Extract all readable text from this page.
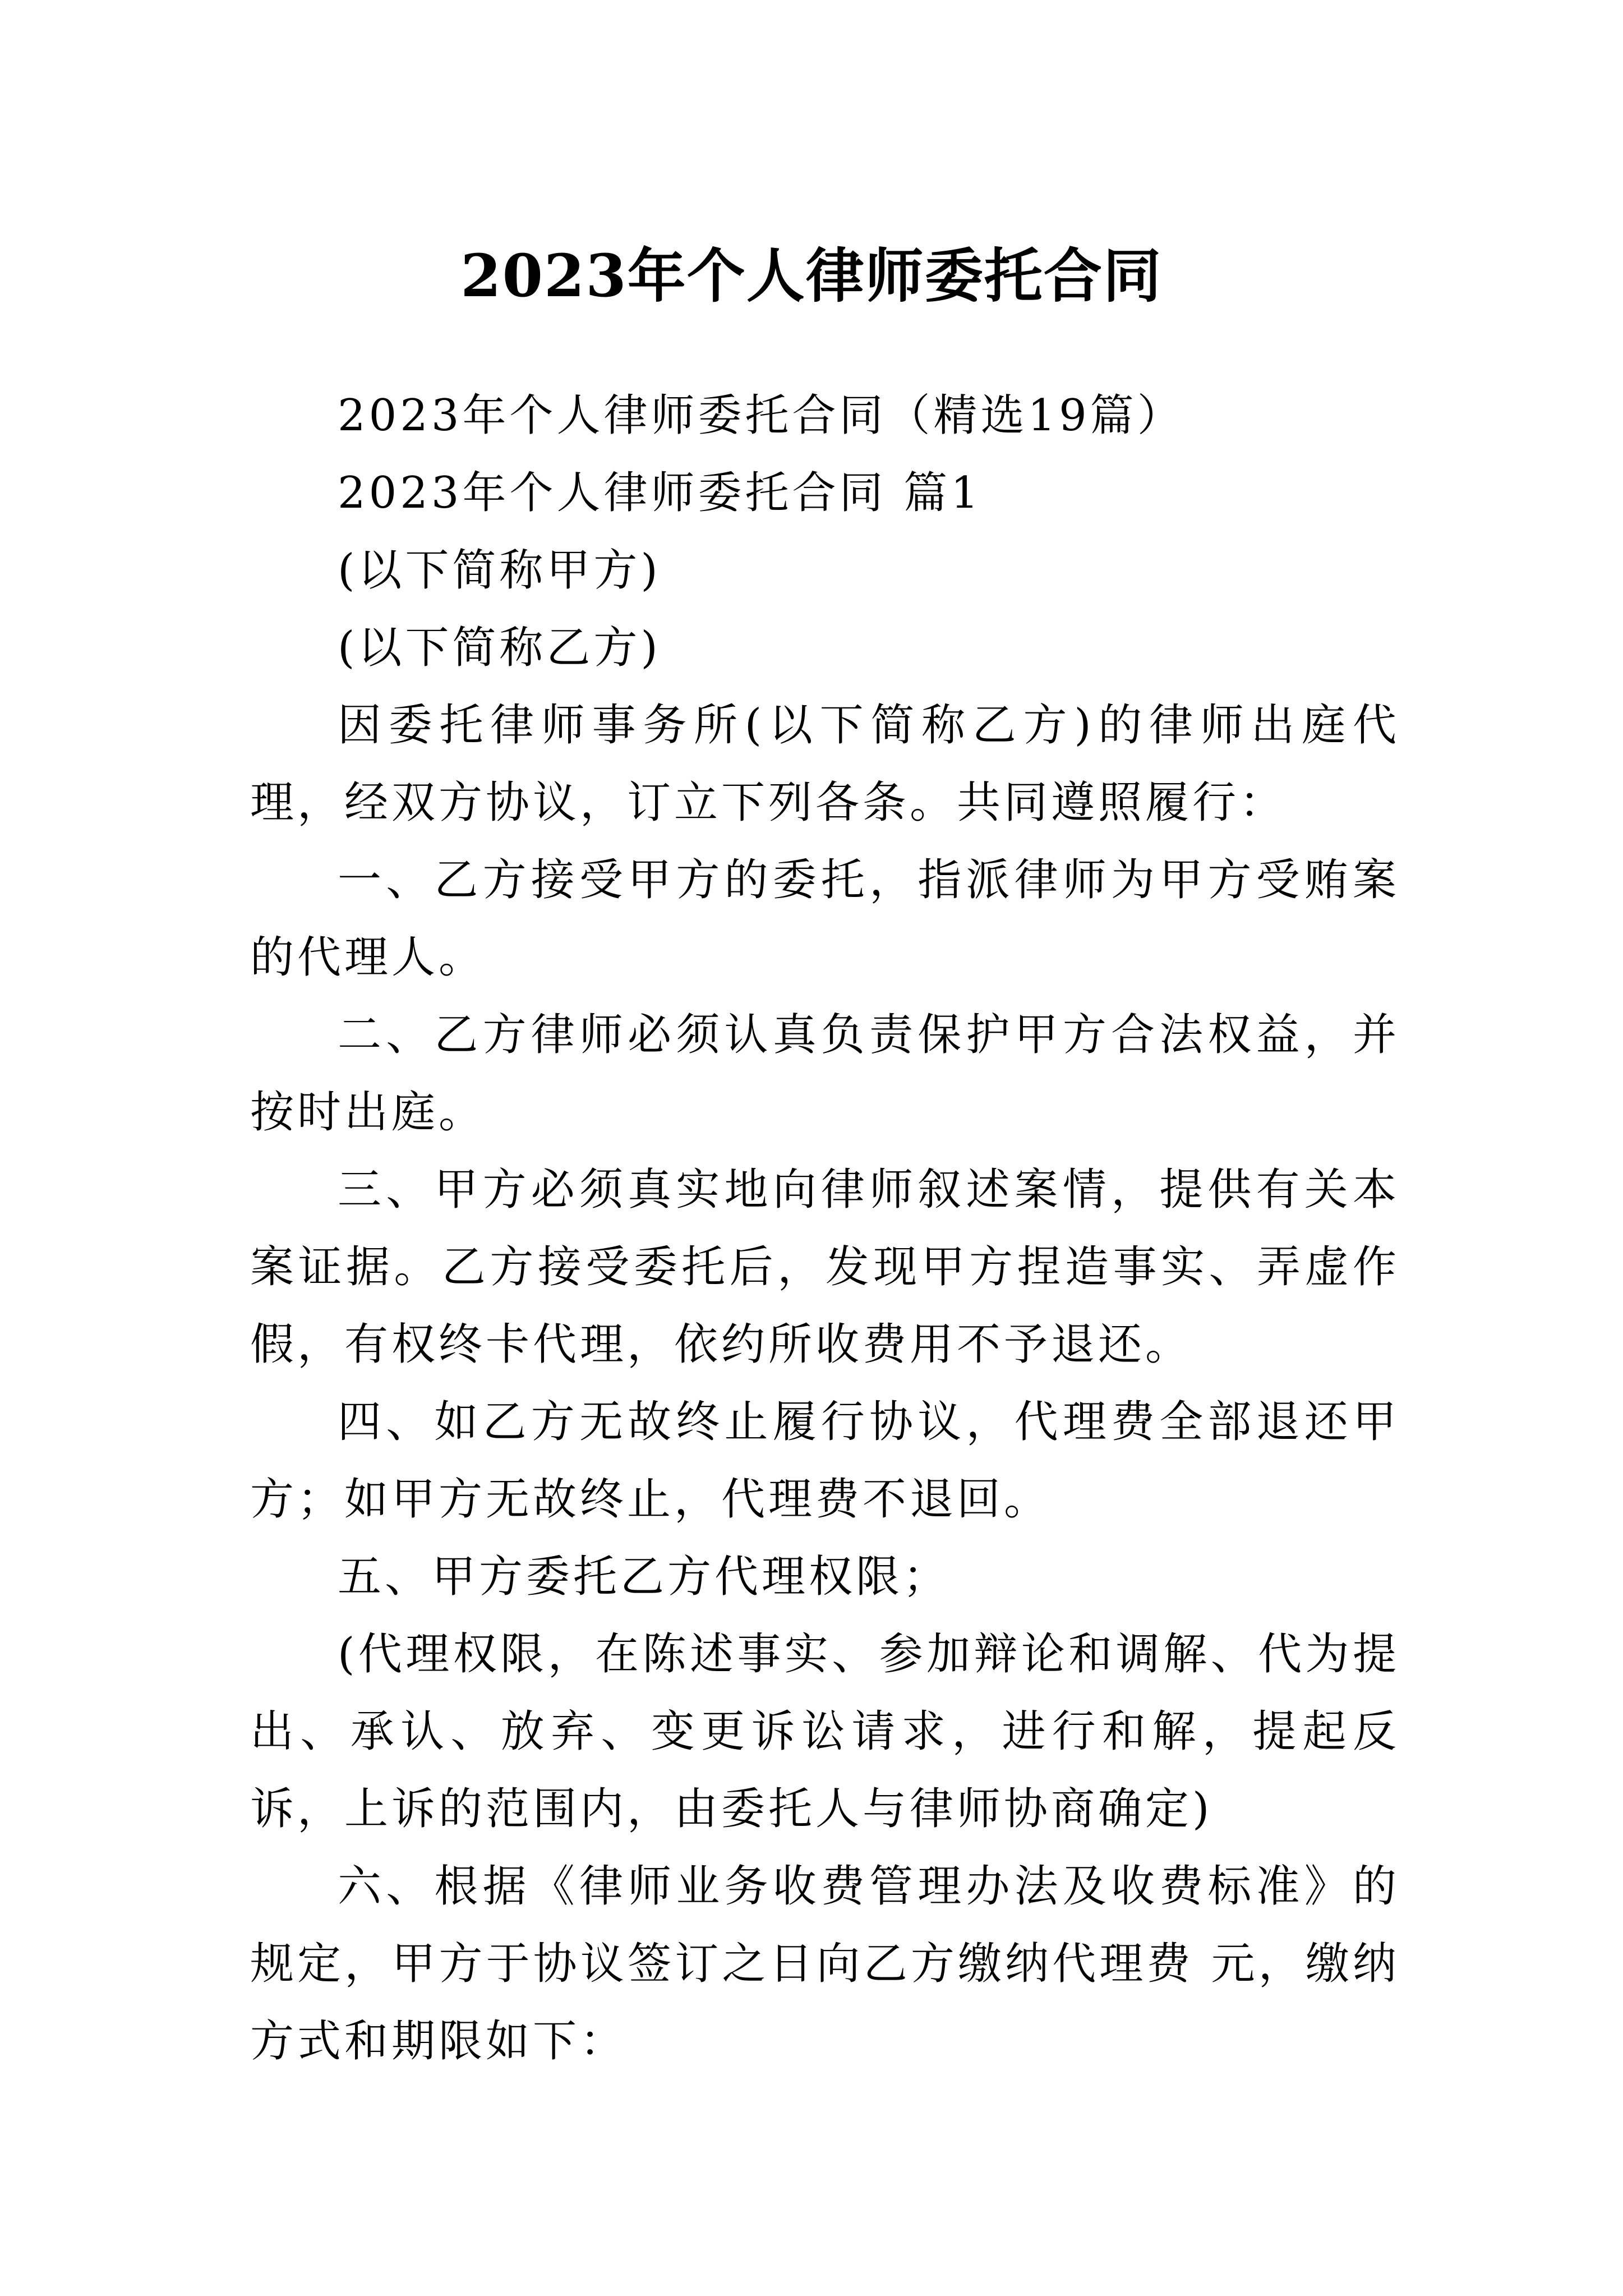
2023年个人律师委托合同

2023年个人律师委托合同（精选19篇）

2023年个人律师委托合同 篇1

(以下简称甲方)

(以下简称乙方)

因委托律师事务所(以下简称乙方)的律师出庭代理，经双方协议，订立下列各条。共同遵照履行：

一、乙方接受甲方的委托，指派律师为甲方受贿案的代理人。

二、乙方律师必须认真负责保护甲方合法权益，并按时出庭。

三、甲方必须真实地向律师叙述案情，提供有关本案证据。乙方接受委托后，发现甲方捏造事实、弄虚作假，有权终卡代理，依约所收费用不予退还。

四、如乙方无故终止履行协议，代理费全部退还甲方；如甲方无故终止，代理费不退回。

五、甲方委托乙方代理权限；

(代理权限，在陈述事实、参加辩论和调解、代为提出、承认、放弃、变更诉讼请求，进行和解，提起反诉，上诉的范围内，由委托人与律师协商确定)

六、根据《律师业务收费管理办法及收费标准》的规定，甲方于协议签订之日向乙方缴纳代理费 元，缴纳方式和期限如下：
